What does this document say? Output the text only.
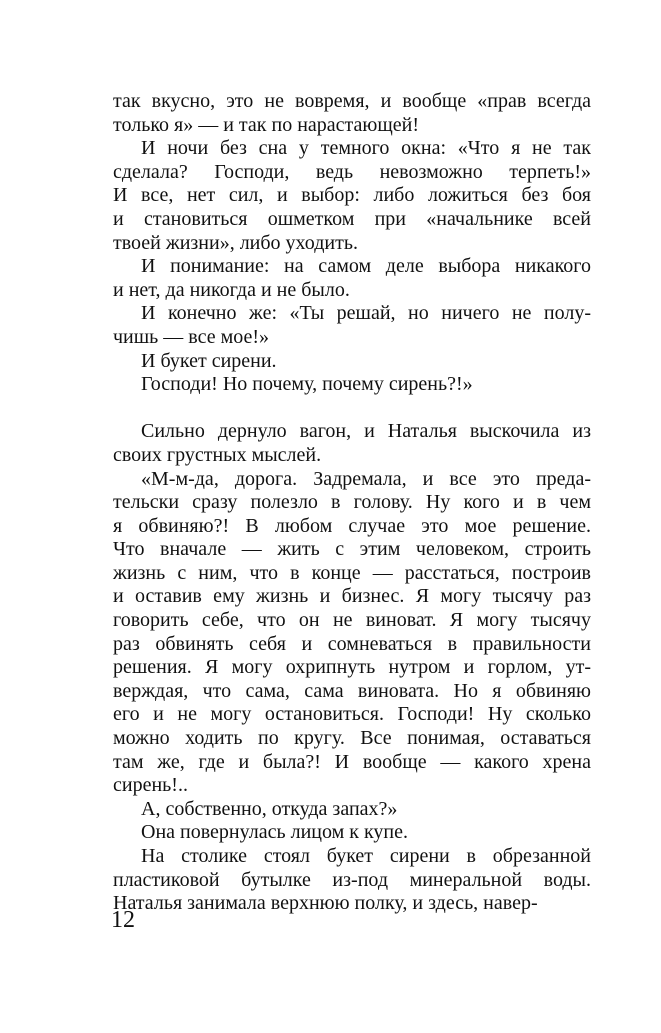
так вкусно, это не вовремя, и вообще «прав всегда
только я» — и так по нарастающей!
И ночи без сна у темного окна: «Что я не так
сделала? Господи, ведь невозможно терпеть!»
И все, нет сил, и выбор: либо ложиться без боя
и становиться ошметком при «начальнике всей
твоей жизни», либо уходить.
И понимание: на самом деле выбора никакого
и нет, да никогда и не было.
И конечно же: «Ты решай, но ничего не полу-
чишь — все мое!»
И букет сирени.
Господи! Но почему, почему сирень?!»
Сильно дернуло вагон, и Наталья выскочила из
своих грустных мыслей.
«М-м-да, дорога. Задремала, и все это преда-
тельски сразу полезло в голову. Ну кого и в чем
я обвиняю?! В любом случае это мое решение.
Что вначале — жить с этим человеком, строить
жизнь с ним, что в конце — расстаться, построив
и оставив ему жизнь и бизнес. Я могу тысячу раз
говорить себе, что он не виноват. Я могу тысячу
раз обвинять себя и сомневаться в правильности
решения. Я могу охрипнуть нутром и горлом, ут-
верждая, что сама, сама виновата. Но я обвиняю
его и не могу остановиться. Господи! Ну сколько
можно ходить по кругу. Все понимая, оставаться
там же, где и была?! И вообще — какого хрена
сирень!..
А, собственно, откуда запах?»
Она повернулась лицом к купе.
На столике стоял букет сирени в обрезанной
пластиковой бутылке из-под минеральной воды.
Наталья занимала верхнюю полку, и здесь, навер-
12
